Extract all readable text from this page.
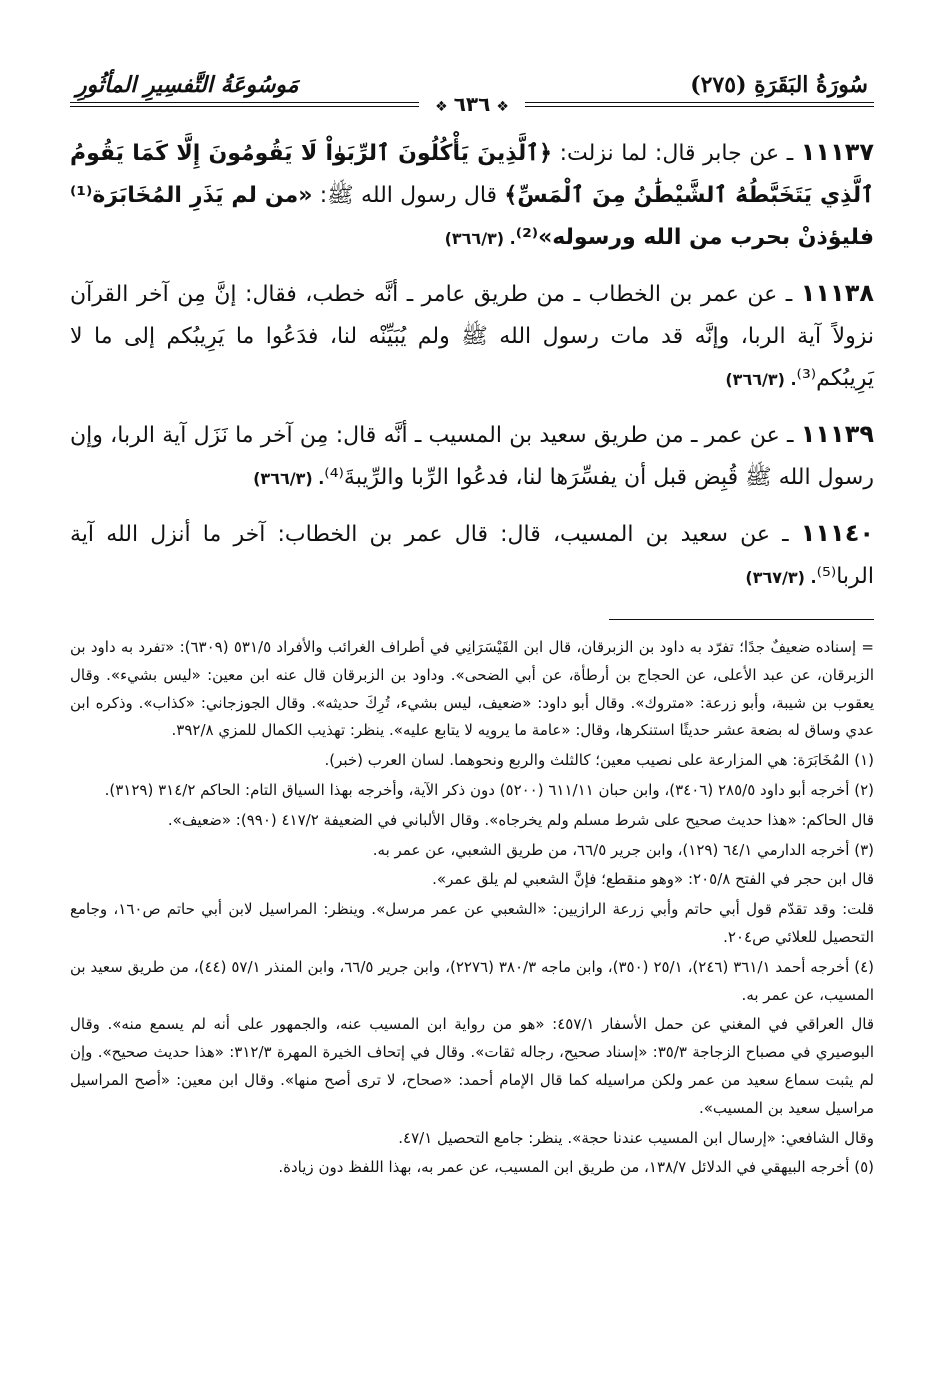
سُورَةُ البَقَرَةِ (٢٧٥)
مَوسُوعَةُ التَّفسِيرِ المأثُورِ
❖٦٣٦❖

١١١٣٧ ـ عن جابر قال: لما نزلت: ﴿ٱلَّذِينَ يَأْكُلُونَ ٱلرِّبَوٰاْ لَا يَقُومُونَ إِلَّا كَمَا يَقُومُ ٱلَّذِي يَتَخَبَّطُهُ ٱلشَّيْطَٰنُ مِنَ ٱلْمَسِّ﴾ قال رسول الله ﷺ: «من لم يَذَرِ المُخَابَرَة⁽¹⁾ فليؤذنْ بحرب من الله ورسوله»⁽²⁾. (٣٦٦/٣)

١١١٣٨ ـ عن عمر بن الخطاب ـ من طريق عامر ـ أنَّه خطب، فقال: إنَّ مِن آخر القرآن نزولاً آية الربا، وإنَّه قد مات رسول الله ﷺ ولم يُبَيِّنْه لنا، فدَعُوا ما يَرِيبُكم إلى ما لا يَرِيبُكم⁽³⁾. (٣٦٦/٣)

١١١٣٩ ـ عن عمر ـ من طريق سعيد بن المسيب ـ أنَّه قال: مِن آخر ما نَزَل آية الربا، وإن رسول الله ﷺ قُبِض قبل أن يفسِّرَها لنا، فدعُوا الرِّبا والرِّيبةَ⁽⁴⁾. (٣٦٦/٣)

١١١٤٠ ـ عن سعيد بن المسيب، قال: قال عمر بن الخطاب: آخر ما أنزل الله آية الربا⁽⁵⁾. (٣٦٧/٣)

= إسناده ضعيفٌ جدًا؛ تفرّد به داود بن الزبرقان، قال ابن القَيْسَرَانِي في أطراف الغرائب والأفراد ٥٣١/٥ (٦٣٠٩): «تفرد به داود بن الزبرقان، عن عبد الأعلى، عن الحجاج بن أرطأة، عن أبي الضحى». وداود بن الزبرقان قال عنه ابن معين: «ليس بشيء». وقال يعقوب بن شيبة، وأبو زرعة: «متروك». وقال أبو داود: «ضعيف، ليس بشيء، تُرِكَ حديثه». وقال الجوزجاني: «كذاب». وذكره ابن عدي وساق له بضعة عشر حديثًا استنكرها، وقال: «عامة ما يرويه لا يتابع عليه». ينظر: تهذيب الكمال للمزي ٣٩٢/٨.

(١) المُخَابَرَة: هي المزارعة على نصيب معين؛ كالثلث والربع ونحوهما. لسان العرب (خبر).

(٢) أخرجه أبو داود ٢٨٥/٥ (٣٤٠٦)، وابن حبان ٦١١/١١ (٥٢٠٠) دون ذكر الآية، وأخرجه بهذا السياق التام: الحاكم ٣١٤/٢ (٣١٢٩).

قال الحاكم: «هذا حديث صحيح على شرط مسلم ولم يخرجاه». وقال الألباني في الضعيفة ٤١٧/٢ (٩٩٠): «ضعيف».

(٣) أخرجه الدارمي ٦٤/١ (١٢٩)، وابن جرير ٦٦/٥، من طريق الشعبي، عن عمر به.

قال ابن حجر في الفتح ٢٠٥/٨: «وهو منقطع؛ فإنَّ الشعبي لم يلق عمر».

قلت: وقد تقدّم قول أبي حاتم وأبي زرعة الرازيين: «الشعبي عن عمر مرسل». وينظر: المراسيل لابن أبي حاتم ص١٦٠، وجامع التحصيل للعلائي ص٢٠٤.

(٤) أخرجه أحمد ٣٦١/١ (٢٤٦)، ٢٥/١ (٣٥٠)، وابن ماجه ٣٨٠/٣ (٢٢٧٦)، وابن جرير ٦٦/٥، وابن المنذر ٥٧/١ (٤٤)، من طريق سعيد بن المسيب، عن عمر به.

قال العراقي في المغني عن حمل الأسفار ٤٥٧/١: «هو من رواية ابن المسيب عنه، والجمهور على أنه لم يسمع منه». وقال البوصيري في مصباح الزجاجة ٣٥/٣: «إسناد صحيح، رجاله ثقات». وقال في إتحاف الخيرة المهرة ٣١٢/٣: «هذا حديث صحيح». وإن لم يثبت سماع سعيد من عمر ولكن مراسيله كما قال الإمام أحمد: «صحاح، لا ترى أصح منها». وقال ابن معين: «أصح المراسيل مراسيل سعيد بن المسيب».

وقال الشافعي: «إرسال ابن المسيب عندنا حجة». ينظر: جامع التحصيل ٤٧/١.

(٥) أخرجه البيهقي في الدلائل ١٣٨/٧، من طريق ابن المسيب، عن عمر به، بهذا اللفظ دون زيادة.
